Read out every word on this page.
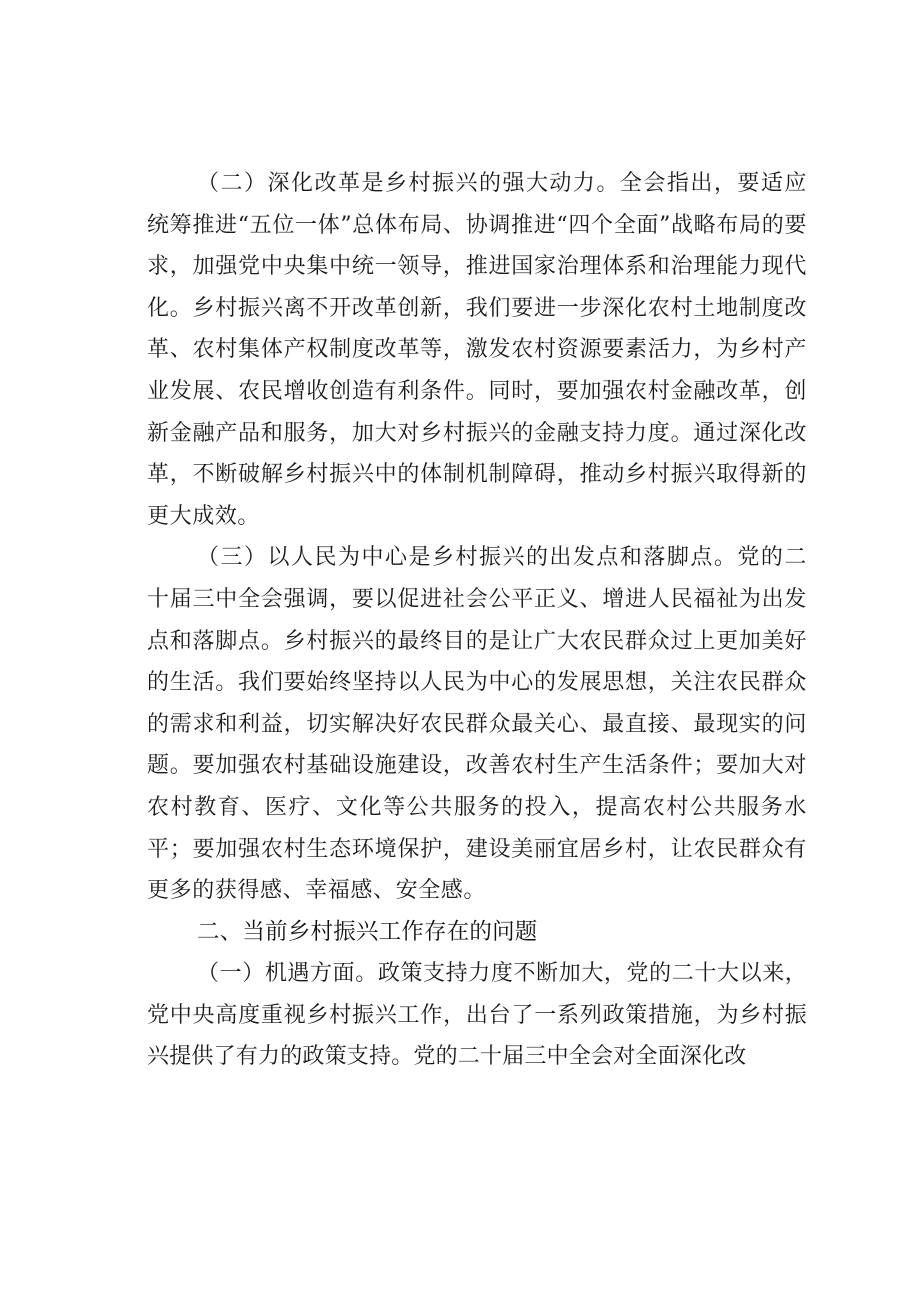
（二）深化改革是乡村振兴的强大动力。全会指出，要适应统筹推进“五位一体”总体布局、协调推进“四个全面”战略布局的要求，加强党中央集中统一领导，推进国家治理体系和治理能力现代化。乡村振兴离不开改革创新，我们要进一步深化农村土地制度改革、农村集体产权制度改革等，激发农村资源要素活力，为乡村产业发展、农民增收创造有利条件。同时，要加强农村金融改革，创新金融产品和服务，加大对乡村振兴的金融支持力度。通过深化改革，不断破解乡村振兴中的体制机制障碍，推动乡村振兴取得新的更大成效。

（三）以人民为中心是乡村振兴的出发点和落脚点。党的二十届三中全会强调，要以促进社会公平正义、增进人民福祉为出发点和落脚点。乡村振兴的最终目的是让广大农民群众过上更加美好的生活。我们要始终坚持以人民为中心的发展思想，关注农民群众的需求和利益，切实解决好农民群众最关心、最直接、最现实的问题。要加强农村基础设施建设，改善农村生产生活条件；要加大对农村教育、医疗、文化等公共服务的投入，提高农村公共服务水平；要加强农村生态环境保护，建设美丽宜居乡村，让农民群众有更多的获得感、幸福感、安全感。

二、当前乡村振兴工作存在的问题

（一）机遇方面。政策支持力度不断加大，党的二十大以来，党中央高度重视乡村振兴工作，出台了一系列政策措施，为乡村振兴提供了有力的政策支持。党的二十届三中全会对全面深化改
